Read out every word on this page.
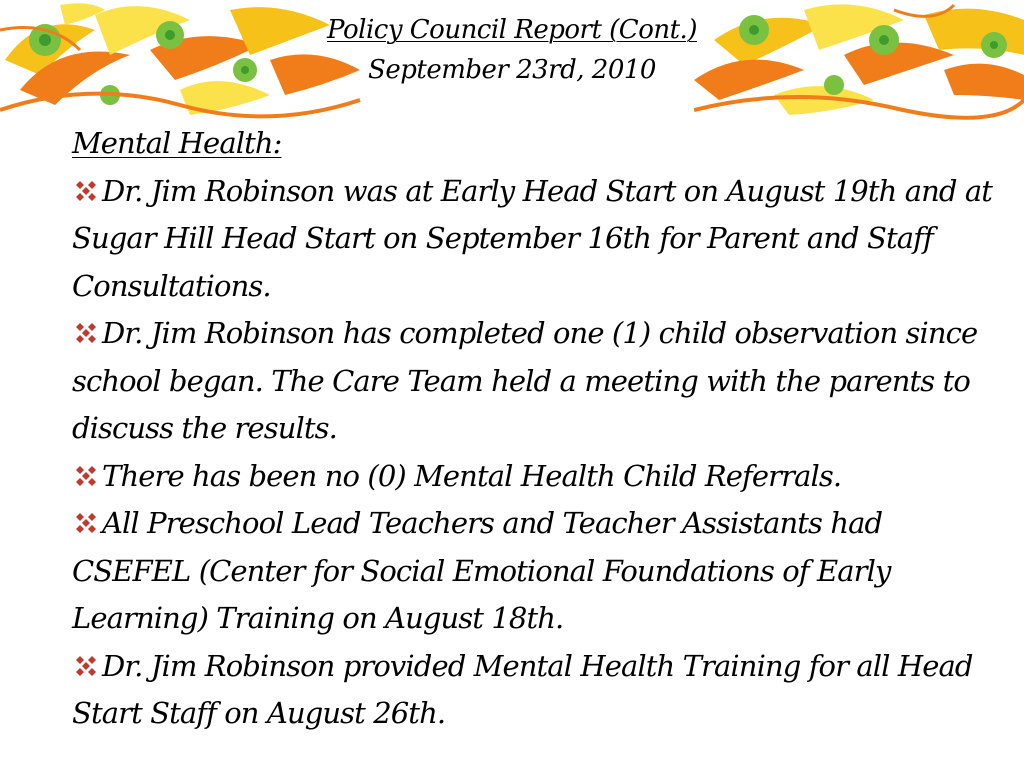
Policy Council Report (Cont.)
September 23rd, 2010
Mental Health:

Dr. Jim Robinson was at Early Head Start on August 19th and at Sugar Hill Head Start on September 16th for Parent and Staff Consultations.

Dr. Jim Robinson has completed one (1) child observation since school began. The Care Team held a meeting with the parents to discuss the results.

There has been no (0) Mental Health Child Referrals.

All Preschool Lead Teachers and Teacher Assistants had CSEFEL (Center for Social Emotional Foundations of Early Learning) Training on August 18th.

Dr. Jim Robinson provided Mental Health Training for all Head Start Staff on August 26th.
